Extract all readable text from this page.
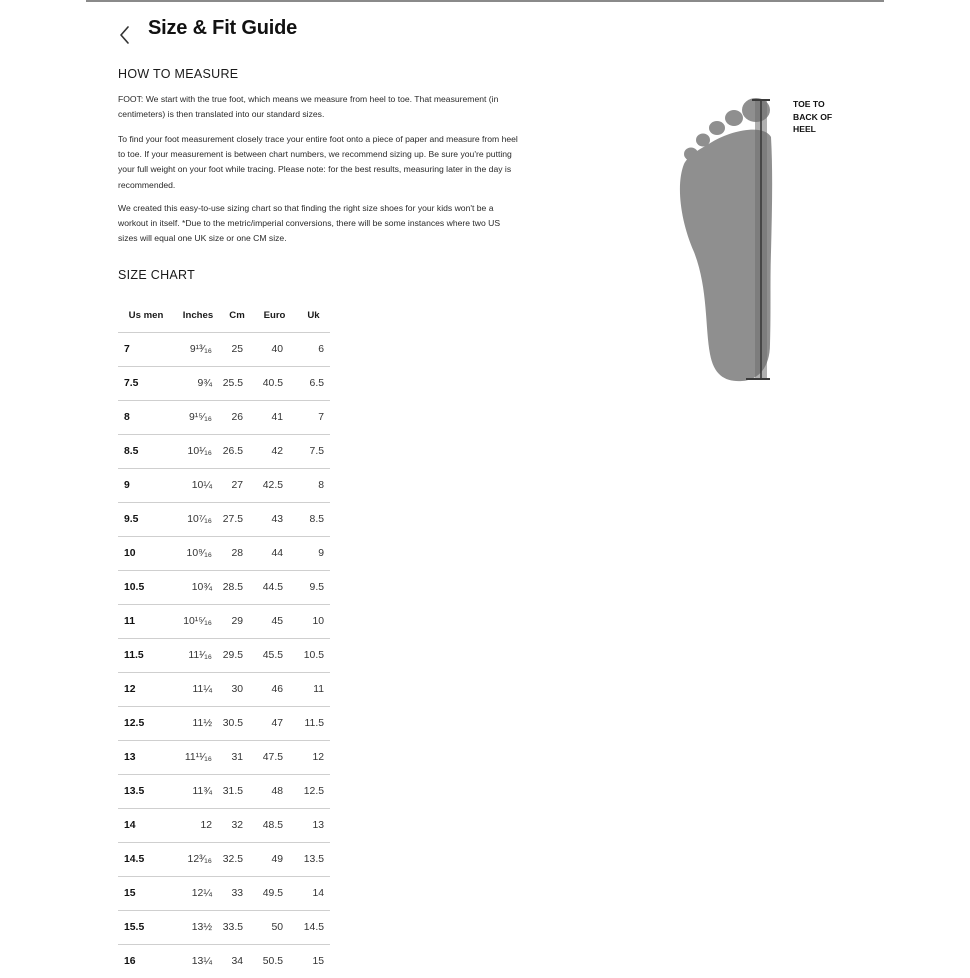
Size & Fit Guide
HOW TO MEASURE

FOOT: We start with the true foot, which means we measure from heel to toe. That measurement (in centimeters) is then translated into our standard sizes.

To find your foot measurement closely trace your entire foot onto a piece of paper and measure from heel to toe. If your measurement is between chart numbers, we recommend sizing up. Be sure you're putting your full weight on your foot while tracing. Please note: for the best results, measuring later in the day is recommended.

We created this easy-to-use sizing chart so that finding the right size shoes for your kids won't be a workout in itself. *Due to the metric/imperial conversions, there will be some instances where two US sizes will equal one UK size or one CM size.

SIZE CHART
Us men	Inches	Cm	Euro	Uk
7	9¹³⁄₁₆	25	40	6
7.5	9¾	25.5	40.5	6.5
8	9¹⁵⁄₁₆	26	41	7
8.5	10¹⁄₁₆	26.5	42	7.5
9	10¼	27	42.5	8
9.5	10⁷⁄₁₆	27.5	43	8.5
10	10⁹⁄₁₆	28	44	9
10.5	10¾	28.5	44.5	9.5
11	10¹⁵⁄₁₆	29	45	10
11.5	11¹⁄₁₆	29.5	45.5	10.5
12	11¼	30	46	11
12.5	11½	30.5	47	11.5
13	11¹¹⁄₁₆	31	47.5	12
13.5	11¾	31.5	48	12.5
14	12	32	48.5	13
14.5	12³⁄₁₆	32.5	49	13.5
15	12¼	33	49.5	14
15.5	13½	33.5	50	14.5
16	13¼	34	50.5	15
TOE TO
BACK OF
HEEL
